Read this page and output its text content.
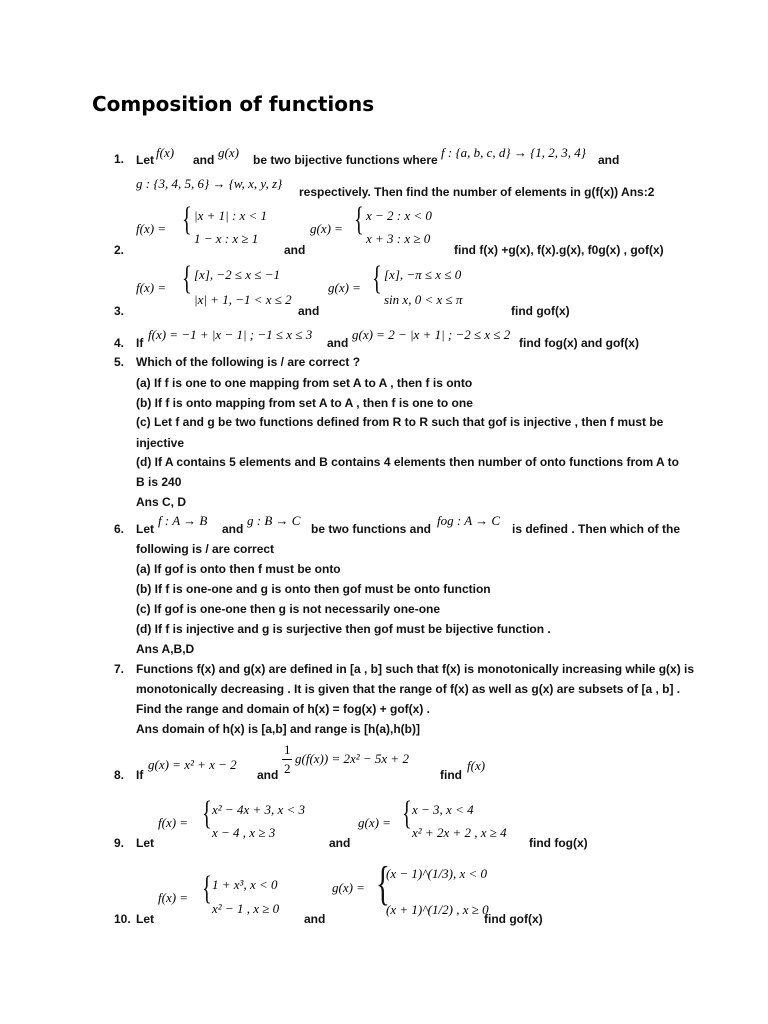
Composition of functions
1.
2.
3.
4.
5.
6.
7.
8.
9.
10.
Let f(x) and g(x) be two bijective functions where f : {a, b, c, d} → {1, 2, 3, 4} and
g : {3, 4, 5, 6} → {w, x, y, z}
respectively. Then find the number of elements in g(f(x)) Ans:2
f(x) = { |x + 1| : x < 1
1 − x : x ≥ 1
and
g(x) = { x − 2 : x < 0
x + 3 : x ≥ 0
find f(x) +g(x), f(x).g(x), f0g(x) , gof(x)
f(x) = { [x], −2 ≤ x ≤ −1
|x| + 1, −1 < x ≤ 2
and
g(x) = { [x], −π ≤ x ≤ 0
sin x, 0 < x ≤ π
find gof(x)
If
f(x) = −1 + |x − 1| ; −1 ≤ x ≤ 3
and
g(x) = 2 − |x + 1| ; −2 ≤ x ≤ 2
find fog(x) and gof(x)
Which of the following is / are correct ?
(a) If f is one to one mapping from set A to A , then f is onto
(b) If f is onto mapping from set A to A , then f is one to one
(c) Let f and g be two functions defined from R to R such that gof is injective , then f must be
injective
(d) If A contains 5 elements and B contains 4 elements then number of onto functions from A to
B is 240
Ans C, D
Let
f : A → B
and
g : B → C
be two functions and
fog : A → C
is defined . Then which of the
following is / are correct
(a) If gof is onto then f must be onto
(b) If f is one-one and g is onto then gof must be onto function
(c) If gof is one-one then g is not necessarily one-one
(d) If f is injective and g is surjective then gof must be bijective function .
Ans A,B,D
Functions f(x) and g(x) are defined in [a , b] such that f(x) is monotonically increasing while g(x) is
monotonically decreasing . It is given that the range of f(x) as well as g(x) are subsets of [a , b] .
Find the range and domain of h(x) = fog(x) + gof(x) .
Ans domain of h(x) is [a,b] and range is [h(a),h(b)]
If
g(x) = x² + x − 2
and
1
2
g(f(x)) = 2x² − 5x + 2
find
f(x)
Let
f(x) = { x² − 4x + 3, x < 3
x − 4 , x ≥ 3
and
g(x) = { x − 3, x < 4
x² + 2x + 2 , x ≥ 4
find fog(x)
Let
f(x) = { 1 + x³, x < 0
x² − 1 , x ≥ 0
and
g(x) = {
(x − 1)^(1/3), x < 0
(x + 1)^(1/2) , x ≥ 0
find gof(x)
